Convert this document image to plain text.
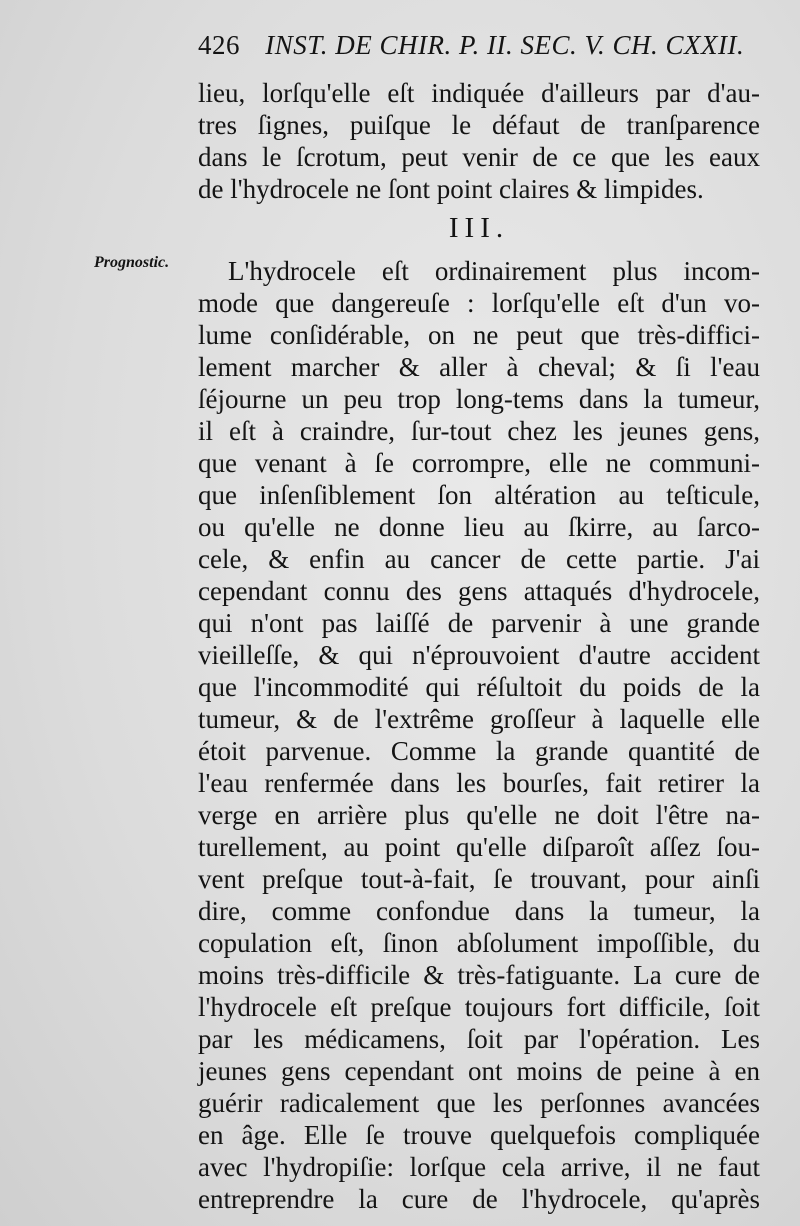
426 INST. DE CHIR. P. II. SEC. V. CH. CXXII.
lieu, lorſqu'elle eſt indiquée d'ailleurs par d'au-
tres ſignes, puiſque le défaut de tranſparence
dans le ſcrotum, peut venir de ce que les eaux
de l'hydrocele ne ſont point claires & limpides.
III.
Prognostic.	L'hydrocele eſt ordinairement plus incom-
mode que dangereuſe : lorſqu'elle eſt d'un vo-
lume conſidérable, on ne peut que très-diffici-
lement marcher & aller à cheval; & ſi l'eau
ſéjourne un peu trop long-tems dans la tumeur,
il eſt à craindre, ſur-tout chez les jeunes gens,
que venant à ſe corrompre, elle ne communi-
que inſenſiblement ſon altération au teſticule,
ou qu'elle ne donne lieu au ſkirre, au ſarco-
cele, & enfin au cancer de cette partie. J'ai
cependant connu des gens attaqués d'hydrocele,
qui n'ont pas laiſſé de parvenir à une grande
vieilleſſe, & qui n'éprouvoient d'autre accident
que l'incommodité qui réſultoit du poids de la
tumeur, & de l'extrême groſſeur à laquelle elle
étoit parvenue. Comme la grande quantité de
l'eau renfermée dans les bourſes, fait retirer la
verge en arrière plus qu'elle ne doit l'être na-
turellement, au point qu'elle diſparoît aſſez ſou-
vent preſque tout-à-fait, ſe trouvant, pour ainſi
dire, comme confondue dans la tumeur, la
copulation eſt, ſinon abſolument impoſſible, du
moins très-difficile & très-fatiguante. La cure de
l'hydrocele eſt preſque toujours fort difficile, ſoit
par les médicamens, ſoit par l'opération. Les
jeunes gens cependant ont moins de peine à en
guérir radicalement que les perſonnes avancées
en âge. Elle ſe trouve quelquefois compliquée
avec l'hydropiſie: lorſque cela arrive, il ne faut
entreprendre la cure de l'hydrocele, qu'après
